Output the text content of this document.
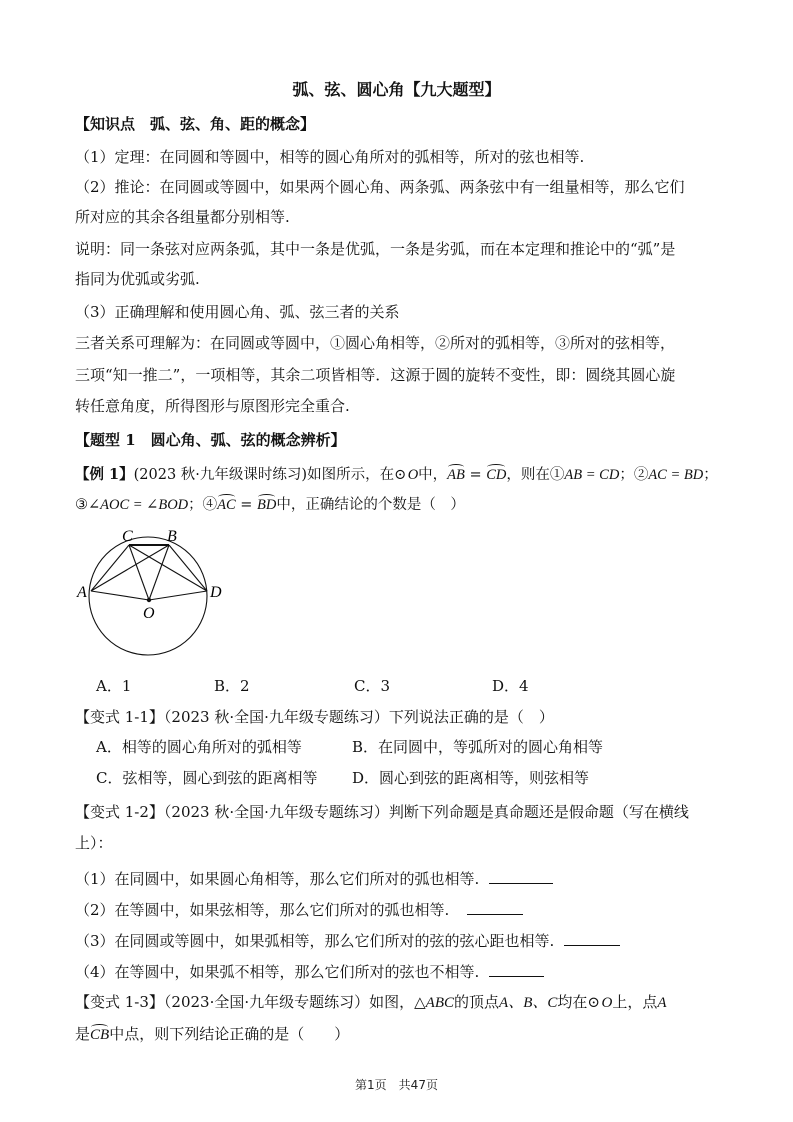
弧、弦、圆心角【九大题型】
【知识点　弧、弦、角、距的概念】
（1）定理：在同圆和等圆中，相等的圆心角所对的弧相等，所对的弦也相等.
（2）推论：在同圆或等圆中，如果两个圆心角、两条弧、两条弦中有一组量相等，那么它们
所对应的其余各组量都分别相等.
说明：同一条弦对应两条弧，其中一条是优弧，一条是劣弧，而在本定理和推论中的“弧”是
指同为优弧或劣弧.
（3）正确理解和使用圆心角、弧、弦三者的关系
三者关系可理解为：在同圆或等圆中，①圆心角相等，②所对的弧相等，③所对的弦相等，
三项“知一推二”，一项相等，其余二项皆相等．这源于圆的旋转不变性，即：圆绕其圆心旋
转任意角度，所得图形与原图形完全重合.
【题型 1　圆心角、弧、弦的概念辨析】
【例 1】(2023 秋·九年级课时练习)如图所示，在⊙ O中，AB = CD，则在①AB = CD；②AC = BD；
③∠AOC = ∠BOD；④AC = BD中，正确结论的个数是（　）
C B
A	D
O
A．1	B．2	C．3	D．4
【变式 1-1】（2023 秋·全国·九年级专题练习）下列说法正确的是（　）
A．相等的圆心角所对的弧相等	B．在同圆中，等弧所对的圆心角相等
C．弦相等，圆心到弦的距离相等 D．圆心到弦的距离相等，则弦相等
【变式 1-2】（2023 秋·全国·九年级专题练习）判断下列命题是真命题还是假命题（写在横线
上）：
（1）在同圆中，如果圆心角相等，那么它们所对的弧也相等.
（2）在等圆中，如果弦相等，那么它们所对的弧也相等.
（3）在同圆或等圆中，如果弧相等，那么它们所对的弦的弦心距也相等.
（4）在等圆中，如果弧不相等，那么它们所对的弦也不相等.
【变式 1-3】（2023·全国·九年级专题练习）如图，△ABC的顶点A、B、C均在⊙  O上，点A
是CB中点，则下列结论正确的是（　　）
第1页　共47页
